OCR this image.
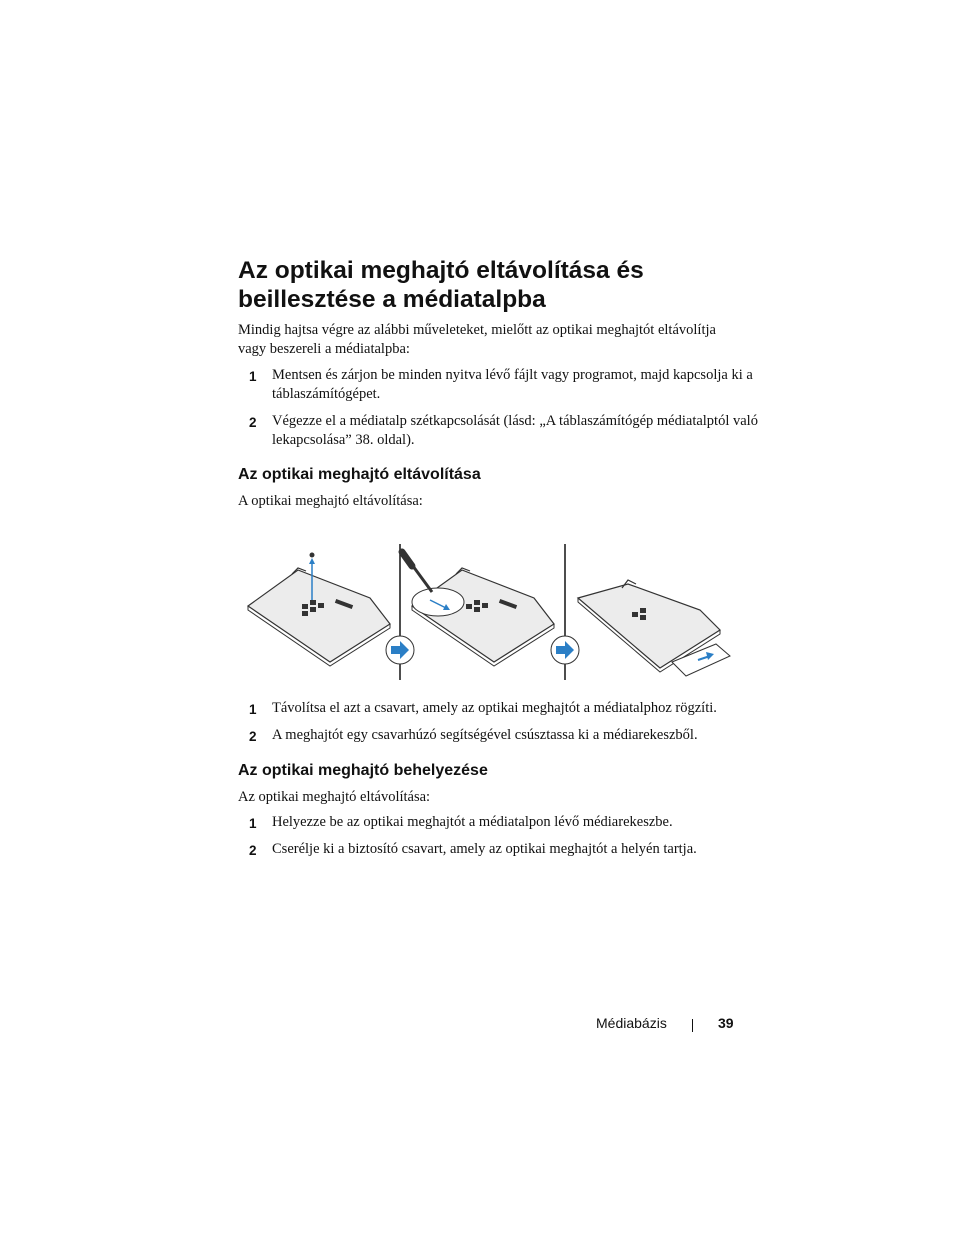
Az optikai meghajtó eltávolítása és beillesztése a médiatalpba

Mindig hajtsa végre az alábbi műveleteket, mielőtt az optikai meghajtót eltávolítja vagy beszereli a médiatalpba:

1 Mentsen és zárjon be minden nyitva lévő fájlt vagy programot, majd kapcsolja ki a táblaszámítógépet.
2 Végezze el a médiatalp szétkapcsolását (lásd: „A táblaszámítógép médiatalptól való lekapcsolása” 38. oldal).
Az optikai meghajtó eltávolítása

A optikai meghajtó eltávolítása:

1 Távolítsa el azt a csavart, amely az optikai meghajtót a médiatalphoz rögzíti.
2 A meghajtót egy csavarhúzó segítségével csúsztassa ki a médiarekeszből.
Az optikai meghajtó behelyezése

Az optikai meghajtó eltávolítása:

1 Helyezze be az optikai meghajtót a médiatalpon lévő médiarekeszbe.
2 Cserélje ki a biztosító csavart, amely az optikai meghajtót a helyén tartja.
Médiabázis	39
